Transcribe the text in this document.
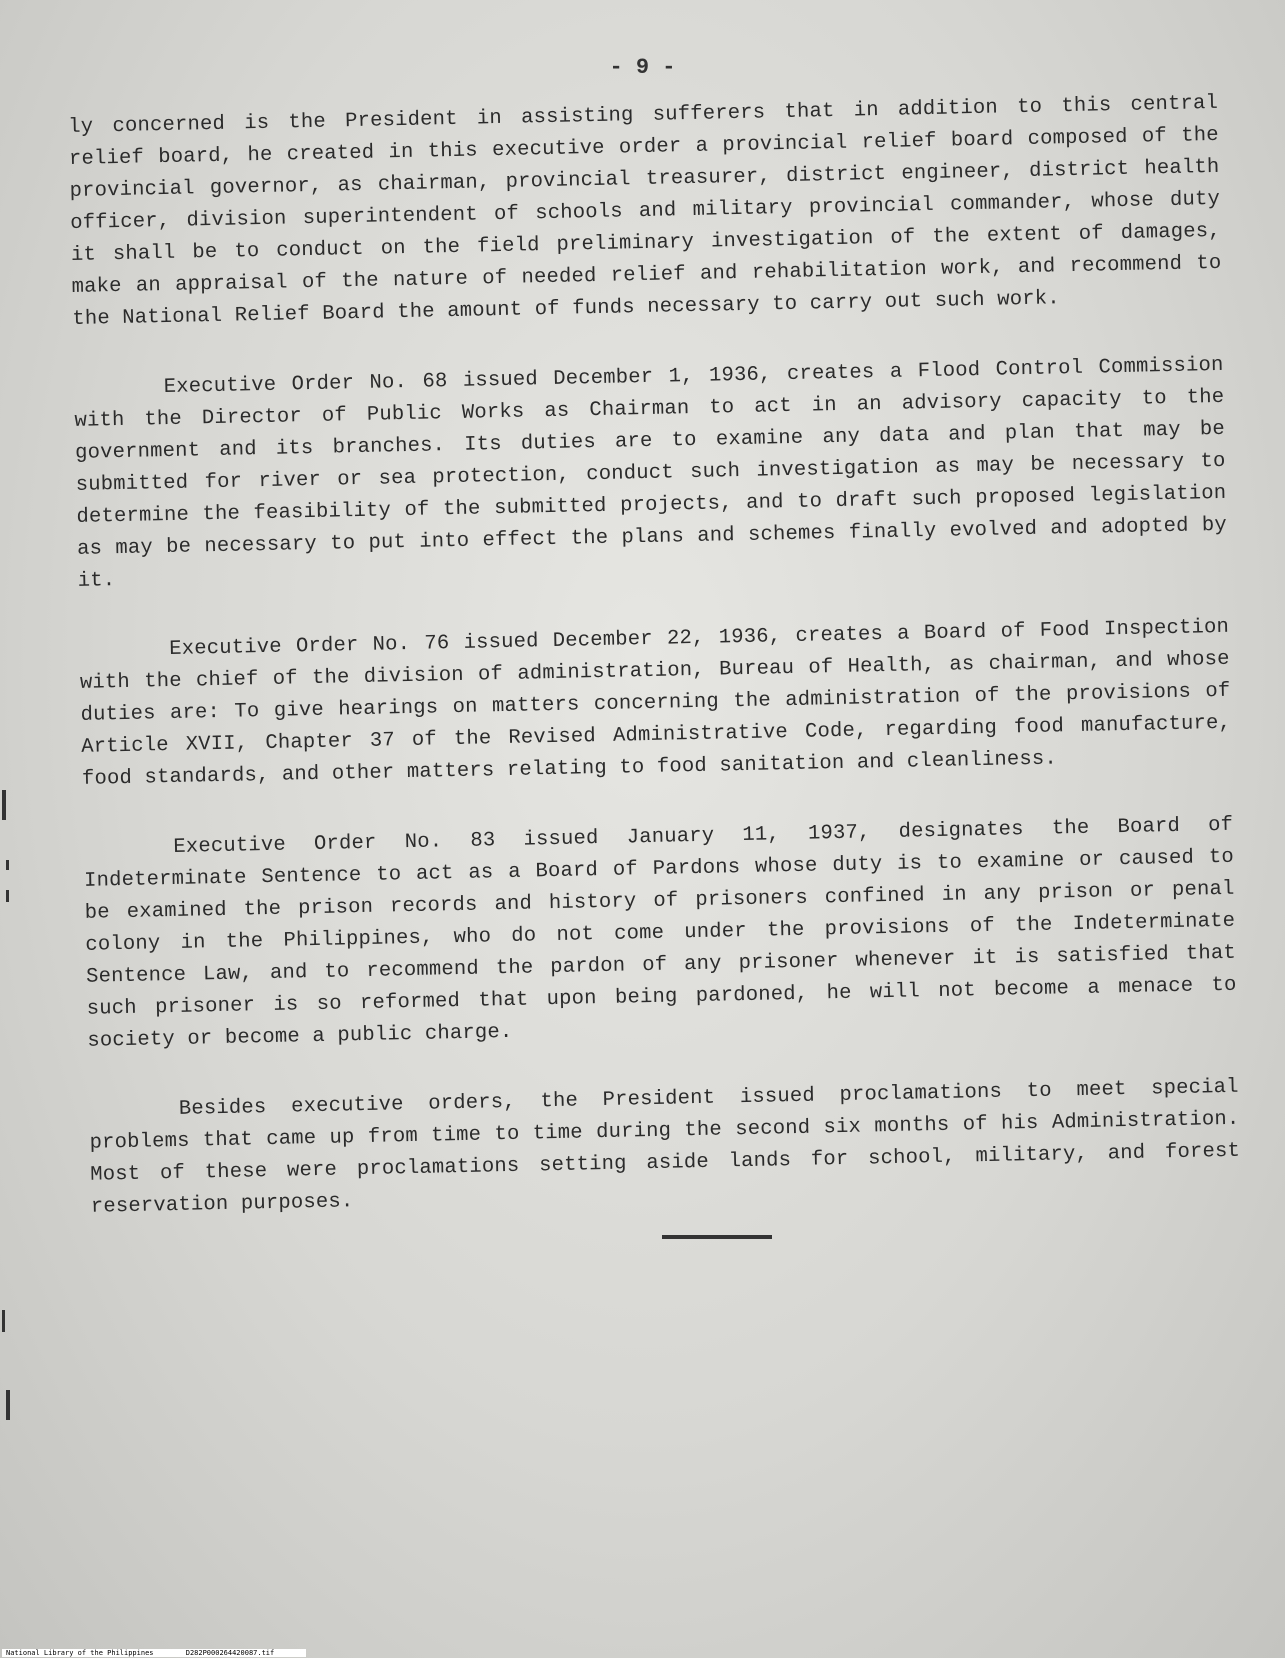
- 9 -

ly concerned is the President in assisting sufferers that in addition to this central relief board, he created in this executive order a provincial relief board composed of the provincial governor, as chairman, provincial treasurer, district engineer, district health officer, division superintendent of schools and military provincial commander, whose duty it shall be to conduct on the field preliminary investigation of the extent of damages, make an appraisal of the nature of needed relief and rehabilitation work, and recommend to the National Relief Board the amount of funds necessary to carry out such work.

Executive Order No. 68 issued December 1, 1936, creates a Flood Control Commission with the Director of Public Works as Chairman to act in an advisory capacity to the government and its branches. Its duties are to examine any data and plan that may be submitted for river or sea protection, conduct such investigation as may be necessary to determine the feasibility of the submitted projects, and to draft such proposed legislation as may be necessary to put into effect the plans and schemes finally evolved and adopted by it.

Executive Order No. 76 issued December 22, 1936, creates a Board of Food Inspection with the chief of the division of administration, Bureau of Health, as chairman, and whose duties are: To give hearings on matters concerning the administration of the provisions of Article XVII, Chapter 37 of the Revised Administrative Code, regarding food manufacture, food standards, and other matters relating to food sanitation and cleanliness.

Executive Order No. 83 issued January 11, 1937, designates the Board of Indeterminate Sentence to act as a Board of Pardons whose duty is to examine or caused to be examined the prison records and history of prisoners confined in any prison or penal colony in the Philippines, who do not come under the provisions of the Indeterminate Sentence Law, and to recommend the pardon of any prisoner whenever it is satisfied that such prisoner is so reformed that upon being pardoned, he will not become a menace to society or become a public charge.

Besides executive orders, the President issued proclamations to meet special problems that came up from time to time during the second six months of his Administration. Most of these were proclamations setting aside lands for school, military, and forest reservation purposes.

National Library of the Philippines	D282P000264420087.tif
